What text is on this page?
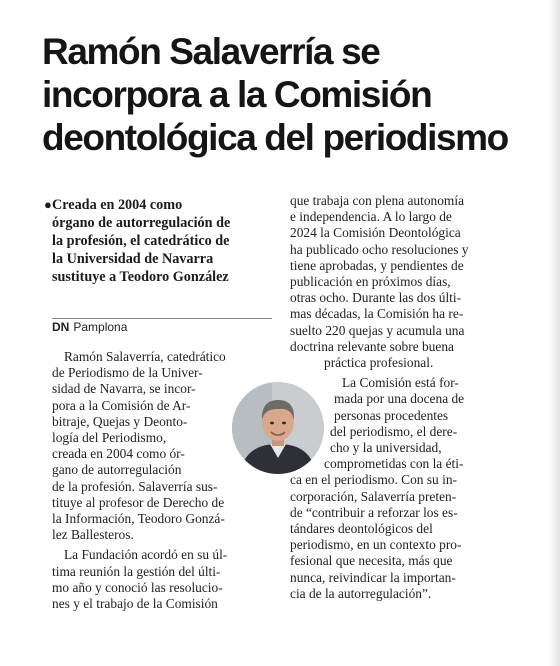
Ramón Salaverría se
incorpora a la Comisión
deontológica del periodismo
● Creada en 2004 como
órgano de autorregulación de
la profesión, el catedrático de
la Universidad de Navarra
sustituye a Teodoro González
DN Pamplona
Ramón Salaverría, catedrático
de Periodismo de la Univer-
sidad de Navarra, se incor-
pora a la Comisión de Ar-
bitraje, Quejas y Deonto-
logía del Periodismo,
creada en 2004 como ór-
gano de autorregulación
de la profesión. Salaverría sus-
tituye al profesor de Derecho de
la Información, Teodoro Gonzá-
lez Ballesteros.
La Fundación acordó en su úl-
tima reunión la gestión del últi-
mo año y conoció las resolucio-
nes y el trabajo de la Comisión
que trabaja con plena autonomía
e independencia. A lo largo de
2024 la Comisión Deontológica
ha publicado ocho resoluciones y
tiene aprobadas, y pendientes de
publicación en próximos días,
otras ocho. Durante las dos últi-
mas décadas, la Comisión ha re-
suelto 220 quejas y acumula una
doctrina relevante sobre buena
práctica profesional.
La Comisión está for-
mada por una docena de
personas procedentes
del periodismo, el dere-
cho y la universidad,
comprometidas con la éti-
ca en el periodismo. Con su in-
corporación, Salaverría preten-
de “contribuir a reforzar los es-
tándares deontológicos del
periodismo, en un contexto pro-
fesional que necesita, más que
nunca, reivindicar la importan-
cia de la autorregulación”.
